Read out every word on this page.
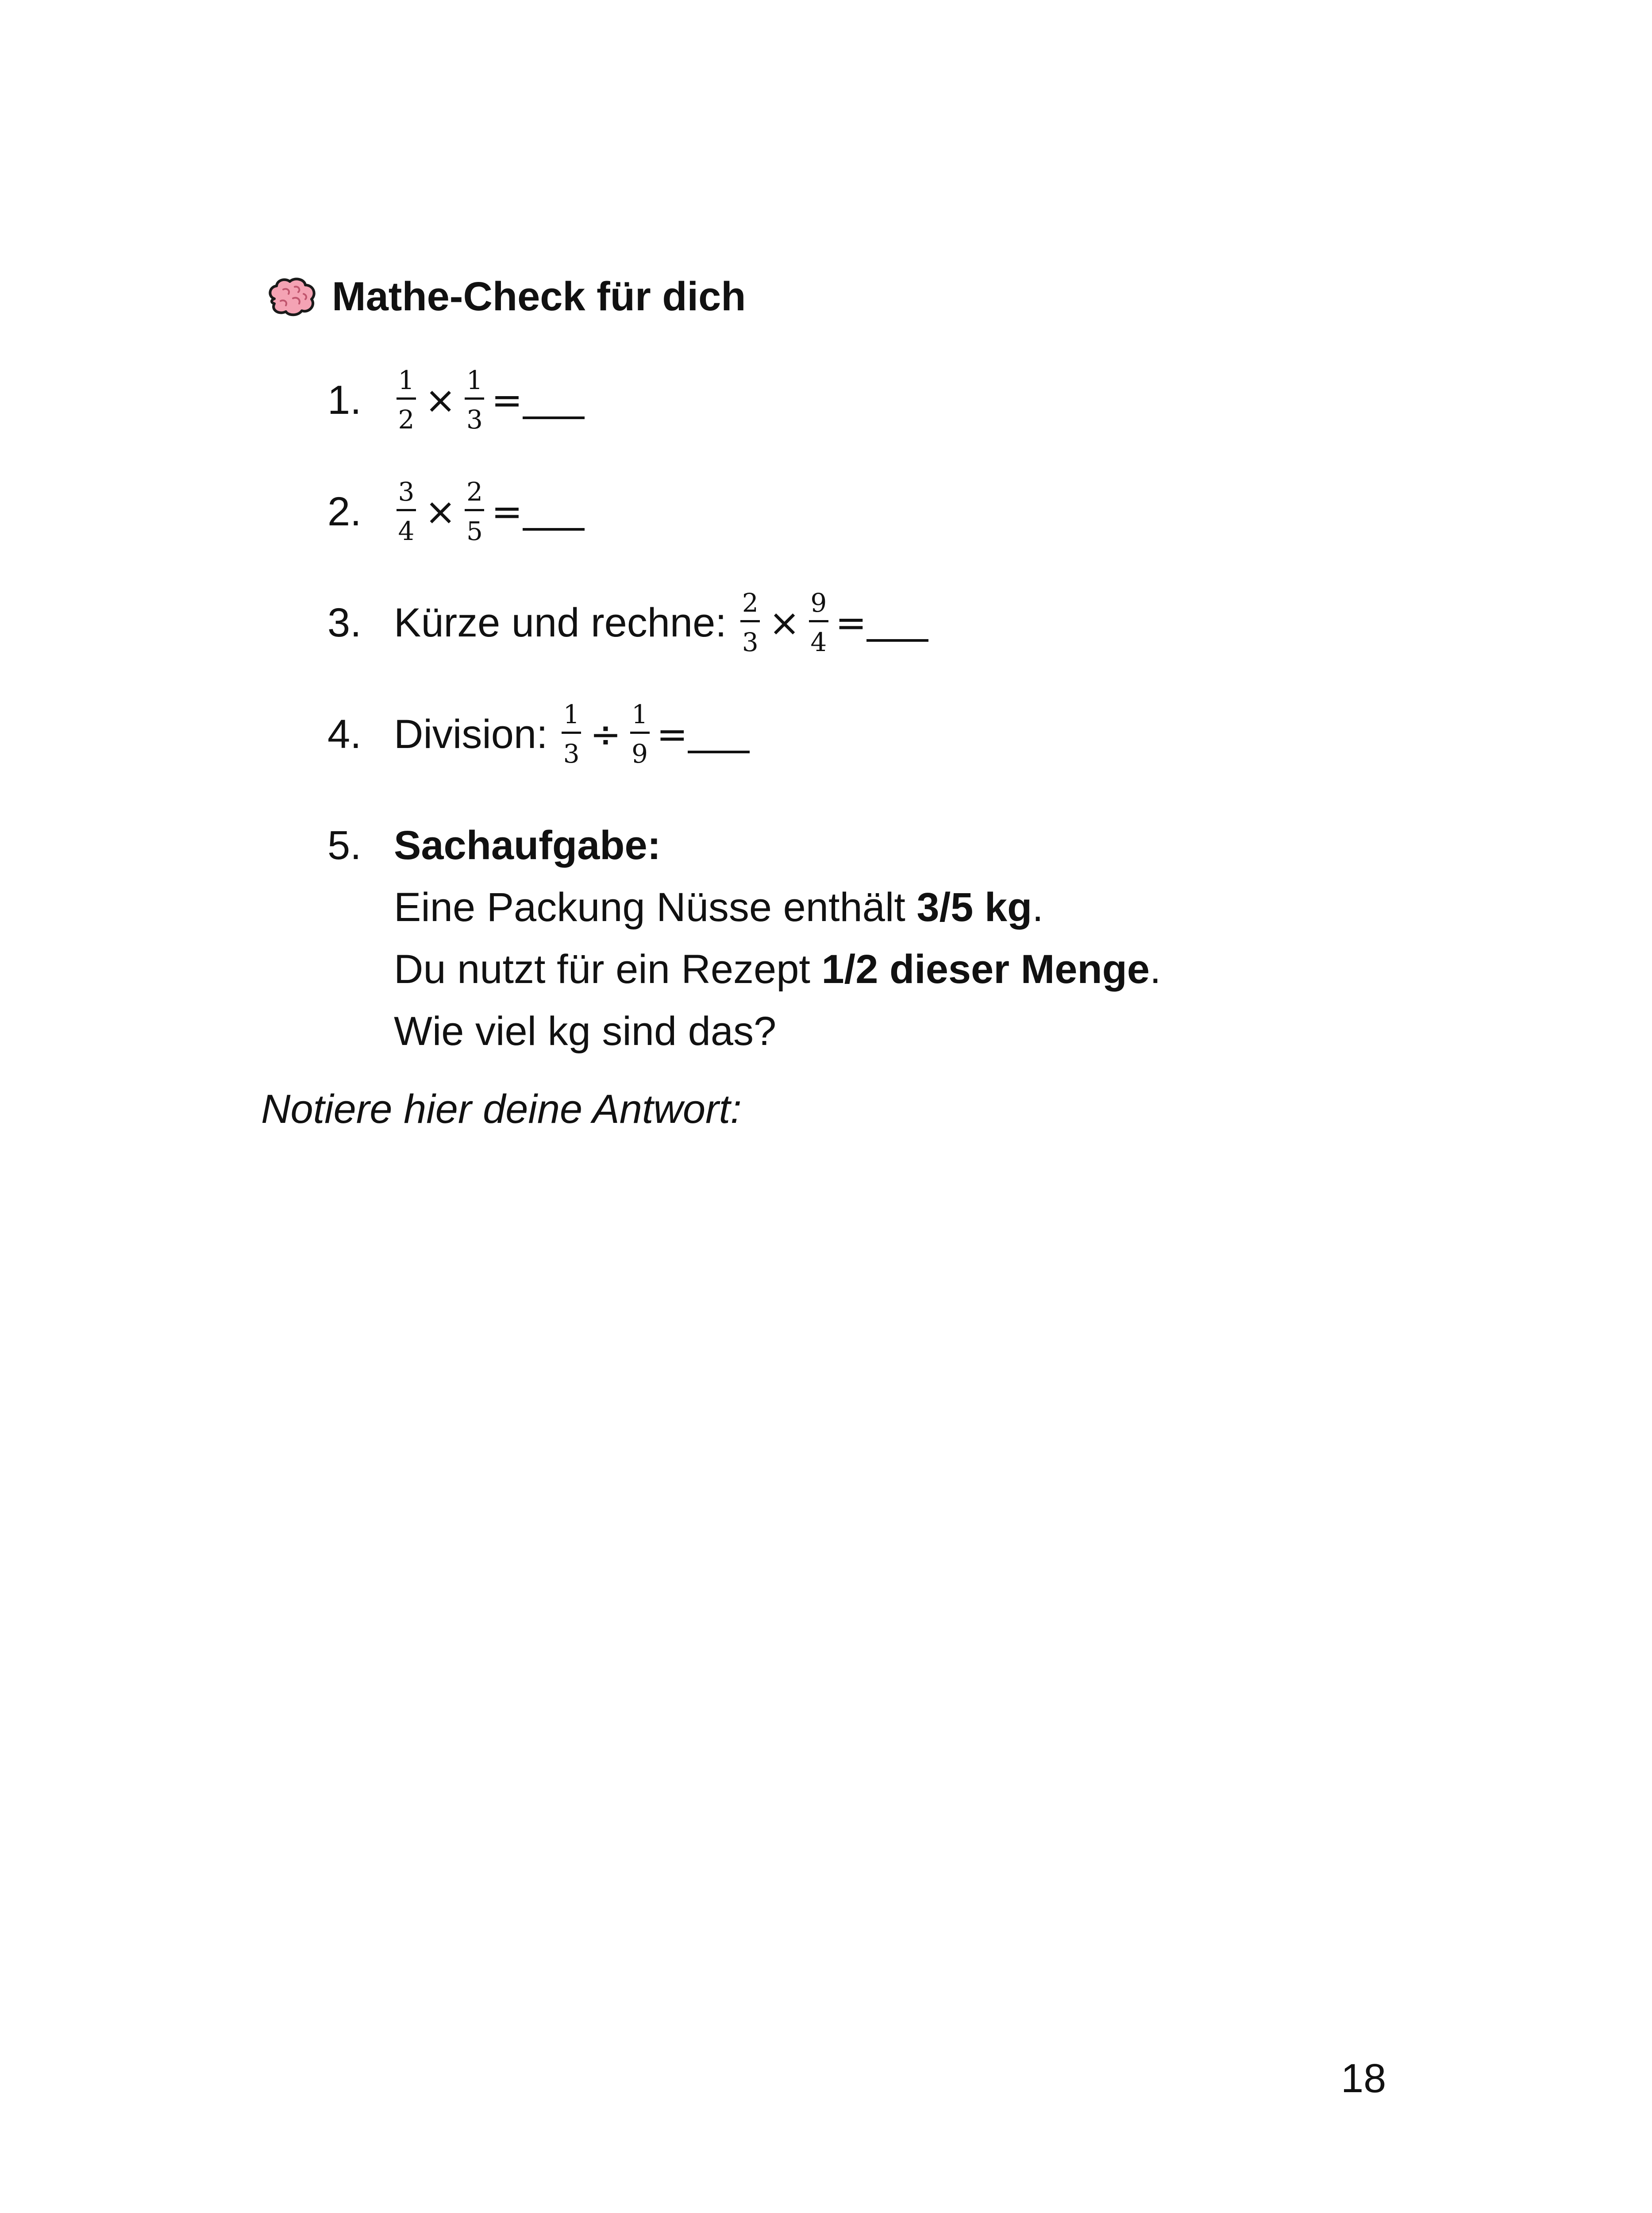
Mathe-Check für dich
1.	1
2 × 1
3 =
2.	3
4 × 2
5 =
3. Kürze und rechne: 2
3 × 9
4 =
4. Division: 1
3 ÷ 1
9 =
5. Sachaufgabe:
Eine Packung Nüsse enthält 3/5 kg.
Du nutzt für ein Rezept 1/2 dieser Menge.
Wie viel kg sind das?
Notiere hier deine Antwort:
18
